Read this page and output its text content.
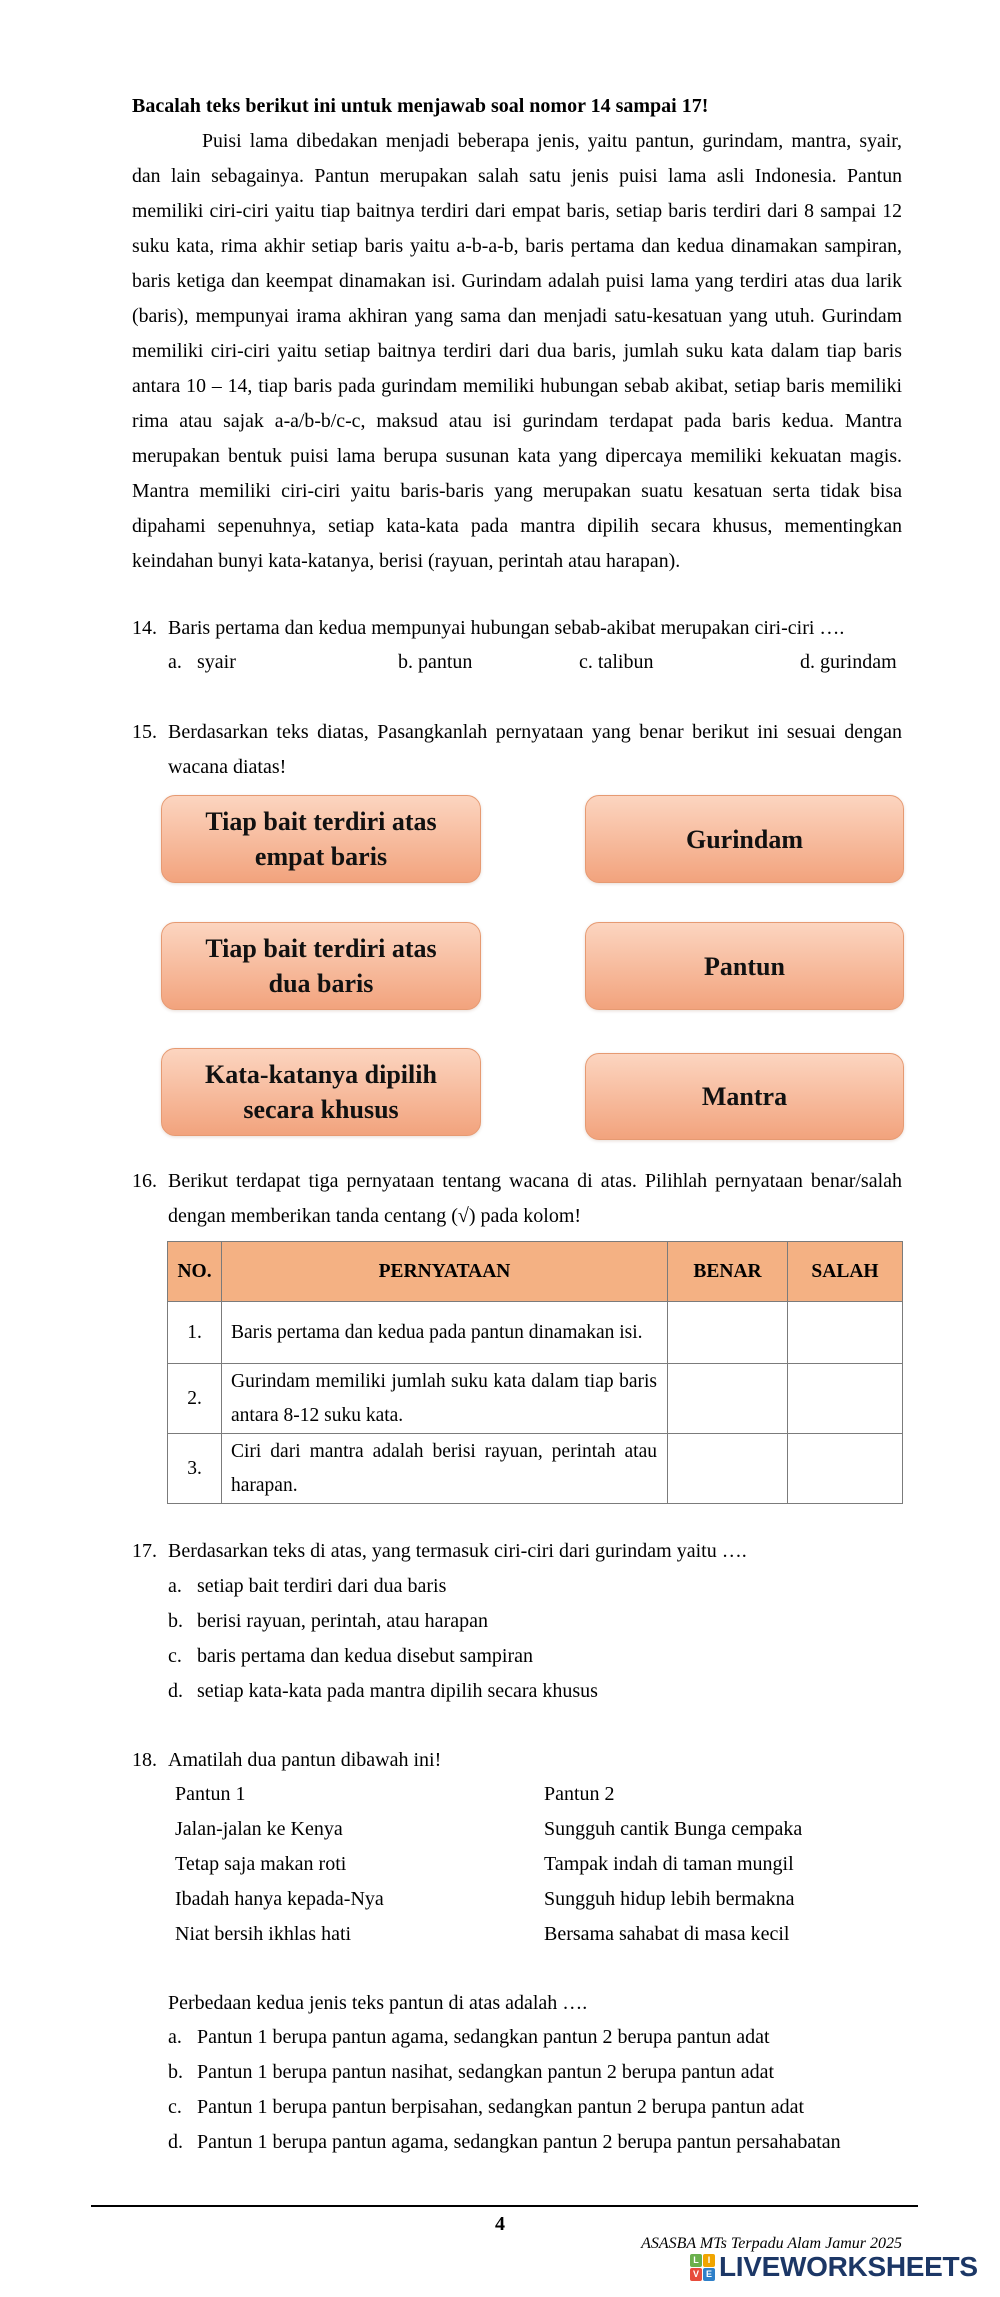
Bacalah teks berikut ini untuk menjawab soal nomor 14 sampai 17!
Puisi lama dibedakan menjadi beberapa jenis, yaitu pantun, gurindam, mantra, syair,
dan lain sebagainya. Pantun merupakan salah satu jenis puisi lama asli Indonesia. Pantun
memiliki ciri-ciri yaitu tiap baitnya terdiri dari empat baris, setiap baris terdiri dari 8 sampai 12
suku kata, rima akhir setiap baris yaitu a-b-a-b, baris pertama dan kedua dinamakan sampiran,
baris ketiga dan keempat dinamakan isi. Gurindam adalah puisi lama yang terdiri atas dua larik
(baris), mempunyai irama akhiran yang sama dan menjadi satu-kesatuan yang utuh. Gurindam
memiliki ciri-ciri yaitu setiap baitnya terdiri dari dua baris, jumlah suku kata dalam tiap baris
antara 10 – 14, tiap baris pada gurindam memiliki hubungan sebab akibat, setiap baris memiliki
rima atau sajak a-a/b-b/c-c, maksud atau isi gurindam terdapat pada baris kedua. Mantra
merupakan bentuk puisi lama berupa susunan kata yang dipercaya memiliki kekuatan magis.
Mantra memiliki ciri-ciri yaitu baris-baris yang merupakan suatu kesatuan serta tidak bisa
dipahami sepenuhnya, setiap kata-kata pada mantra dipilih secara khusus, mementingkan
keindahan bunyi kata-katanya, berisi (rayuan, perintah atau harapan).
14. Baris pertama dan kedua mempunyai hubungan sebab-akibat merupakan ciri-ciri ….
a. syair	b. pantun	c. talibun	d. gurindam
15. Berdasarkan teks diatas, Pasangkanlah pernyataan yang benar berikut ini sesuai dengan
wacana diatas!
Tiap bait terdiri atas
empat baris
Tiap bait terdiri atas
dua baris
Kata-katanya dipilih
secara khusus
Gurindam
Pantun
Mantra
16. Berikut terdapat tiga pernyataan tentang wacana di atas. Pilihlah pernyataan benar/salah
dengan memberikan tanda centang (√) pada kolom!
NO.	PERNYATAAN	BENAR	SALAH
1.	Baris pertama dan kedua pada pantun dinamakan isi.		

2.	Gurindam memiliki jumlah suku kata dalam tiap baris
antara 8-12 suku kata.		

3.	Ciri dari mantra adalah berisi rayuan, perintah atau
harapan.		

17. Berdasarkan teks di atas, yang termasuk ciri-ciri dari gurindam yaitu ….
a. setiap bait terdiri dari dua baris
b. berisi rayuan, perintah, atau harapan
c. baris pertama dan kedua disebut sampiran
d. setiap kata-kata pada mantra dipilih secara khusus
18. Amatilah dua pantun dibawah ini!
Pantun 1
Jalan-jalan ke Kenya
Tetap saja makan roti
Ibadah hanya kepada-Nya
Niat bersih ikhlas hati
Pantun 2
Sungguh cantik Bunga cempaka
Tampak indah di taman mungil
Sungguh hidup lebih bermakna
Bersama sahabat di masa kecil
Perbedaan kedua jenis teks pantun di atas adalah ….
a. Pantun 1 berupa pantun agama, sedangkan pantun 2 berupa pantun adat
b. Pantun 1 berupa pantun nasihat, sedangkan pantun 2 berupa pantun adat
c. Pantun 1 berupa pantun berpisahan, sedangkan pantun 2 berupa pantun adat
d. Pantun 1 berupa pantun agama, sedangkan pantun 2 berupa pantun persahabatan
4
ASASBA MTs Terpadu Alam Jamur 2025
L I
V E LIVEWORKSHEETS
